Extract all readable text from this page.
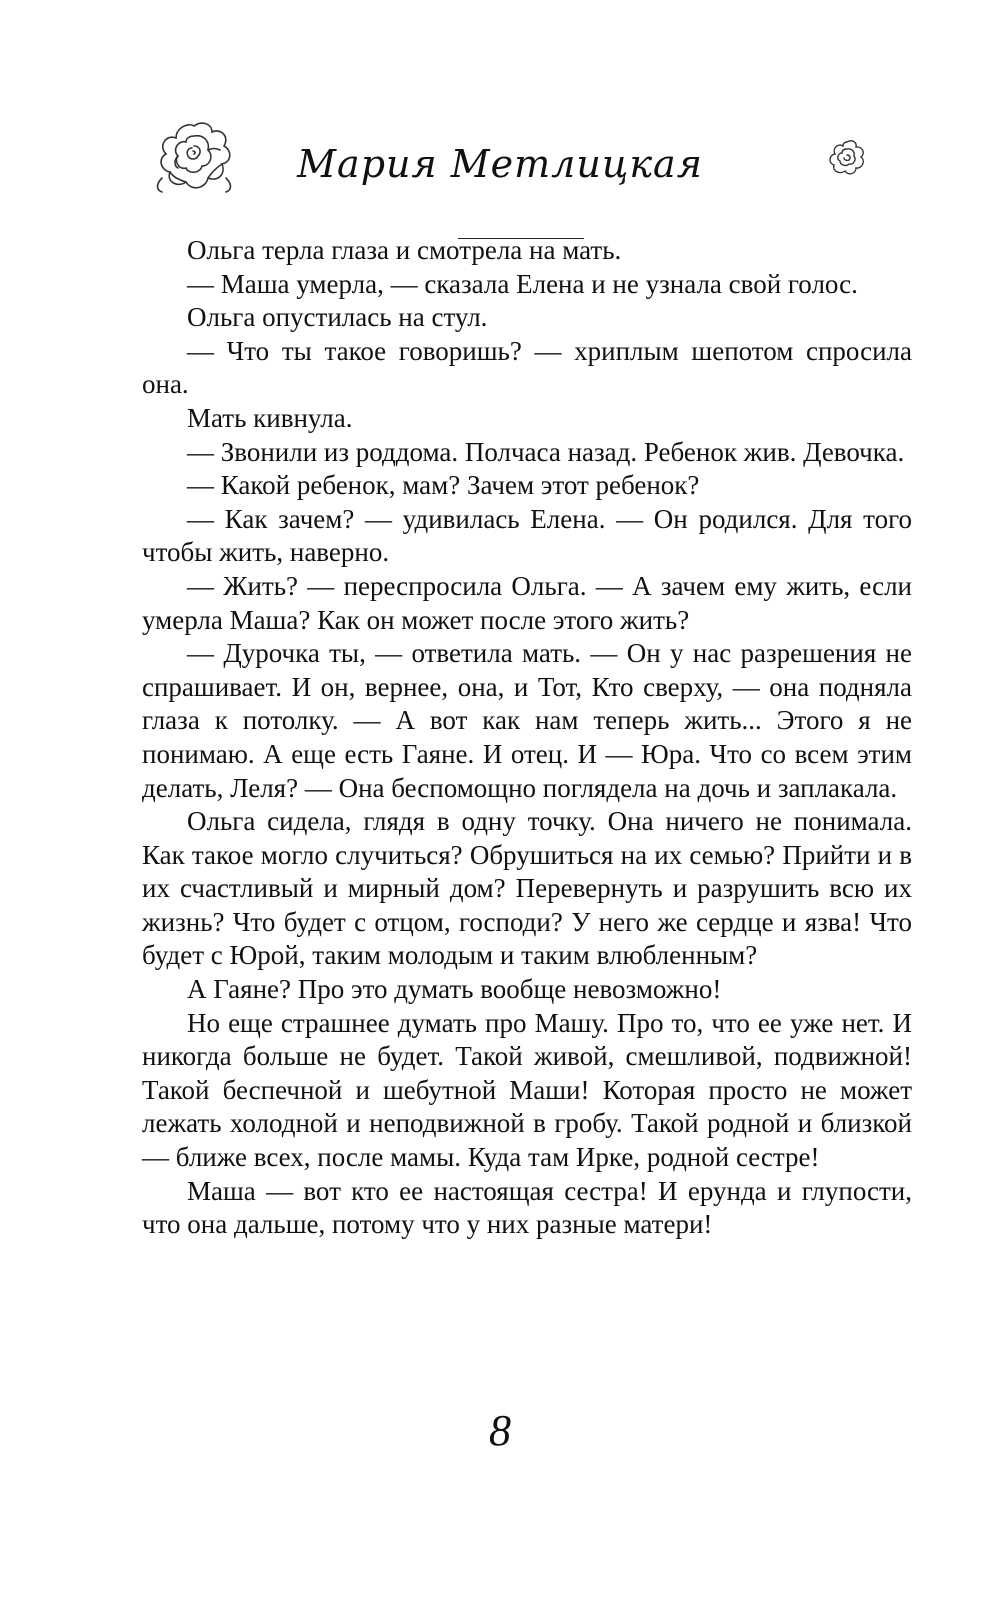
Мария Метлицкая

Ольга терла глаза и смотрела на мать.

— Маша умерла, — сказала Елена и не узнала свой голос.

Ольга опустилась на стул.

— Что ты такое говоришь? — хриплым шепотом спросила она.

Мать кивнула.

— Звонили из роддома. Полчаса назад. Ребенок жив. Девочка.

— Какой ребенок, мам? Зачем этот ребенок?

— Как зачем? — удивилась Елена. — Он родился. Для того чтобы жить, наверно.

— Жить? — переспросила Ольга. — А зачем ему жить, если умерла Маша? Как он может после этого жить?

— Дурочка ты, — ответила мать. — Он у нас разрешения не спрашивает. И он, вернее, она, и Тот, Кто сверху, — она подняла глаза к потолку. — А вот как нам теперь жить... Этого я не понимаю. А еще есть Гаяне. И отец. И — Юра. Что со всем этим делать, Леля? — Она беспомощно поглядела на дочь и заплакала.

Ольга сидела, глядя в одну точку. Она ничего не понимала. Как такое могло случиться? Обрушиться на их семью? Прийти и в их счастливый и мирный дом? Перевернуть и разрушить всю их жизнь? Что будет с отцом, господи? У него же сердце и язва! Что будет с Юрой, таким молодым и таким влюбленным?

А Гаяне? Про это думать вообще невозможно!

Но еще страшнее думать про Машу. Про то, что ее уже нет. И никогда больше не будет. Такой живой, смешливой, подвижной! Такой беспечной и шебутной Маши! Которая просто не может лежать холодной и неподвижной в гробу. Такой родной и близкой — ближе всех, после мамы. Куда там Ирке, родной сестре!

Маша — вот кто ее настоящая сестра! И ерунда и глупости, что она дальше, потому что у них разные матери!

8
